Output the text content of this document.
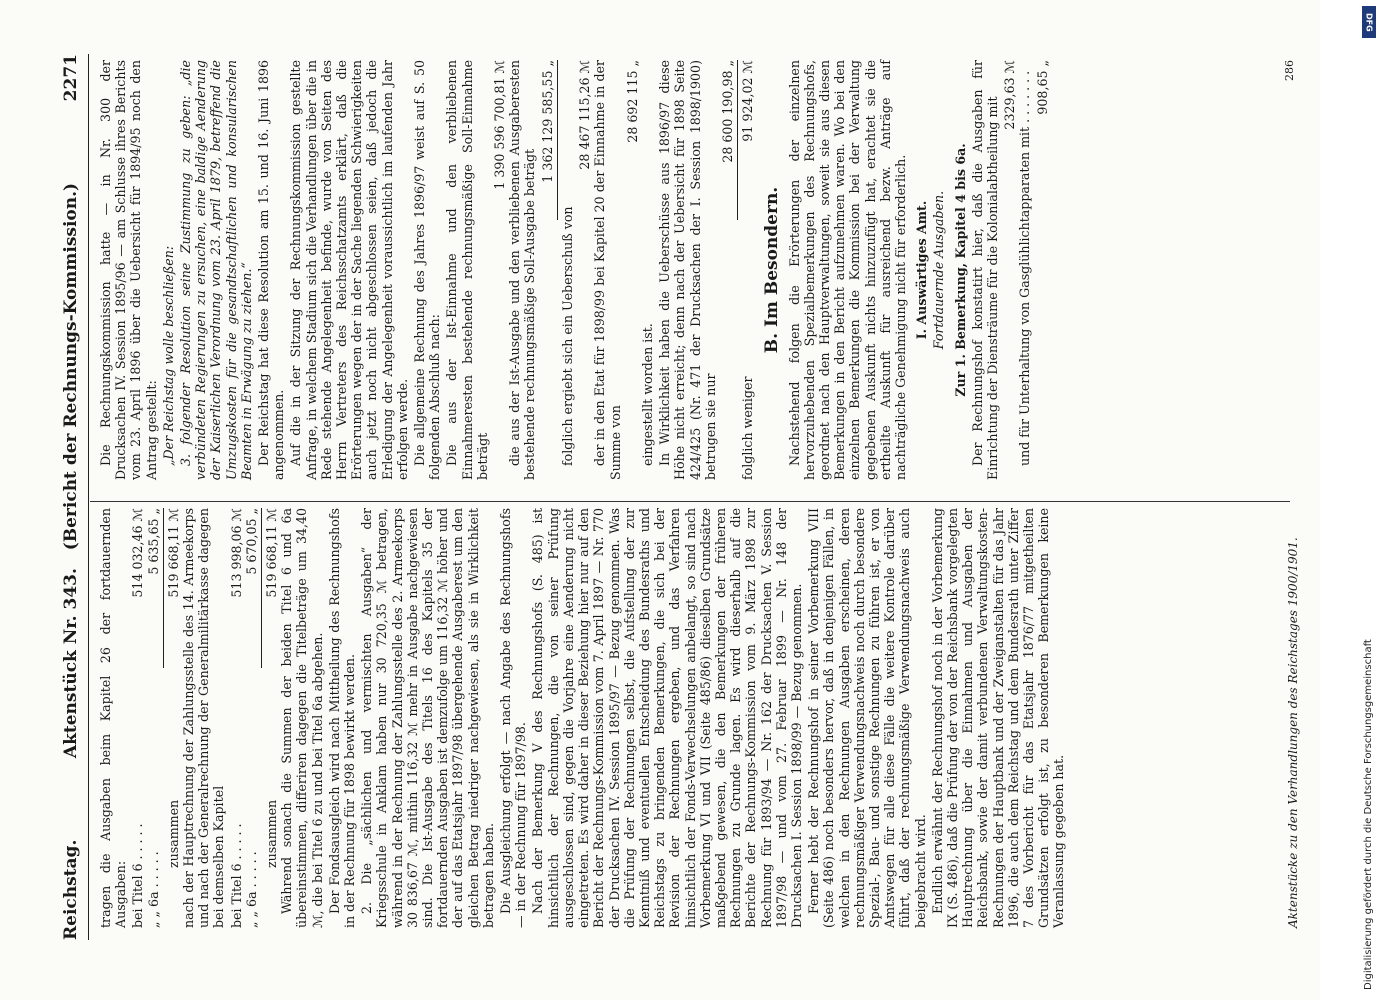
Reichstag.
Aktenstück Nr. 343.   (Bericht der Rechnungs-Kommission.)
2271

tragen die Ausgaben beim Kapitel 26 der fortdauernden Ausgaben: bei Titel 6 . . . . .
514 032,46 ℳ
„ „ 6a . . . . .
5 635,65 „
zusammen
519 668,11 ℳ nach der Hauptrechnung der Zahlungsstelle des 14. Armeekorps und nach der Generalrechnung der Generalmilitärkasse dagegen bei demselben Kapitel bei Titel 6 . . . . .
513 998,06 ℳ
„ „ 6a . . . . .
5 670,05 „
zusammen
519 668,11 ℳ Während sonach die Summen der beiden Titel 6 und 6a übereinstimmen, differiren dagegen die Titelbeträge um 34,40 ℳ, die bei Titel 6 zu und bei Titel 6a abgehen. Der Fondsausgleich wird nach Mittheilung des Rechnungshofs in der Rechnung für 1898 bewirkt werden. 2. Die „sächlichen und vermischten Ausgaben“ der Kriegsschule in Anklam haben nur 30 720,35 ℳ betragen, während in der Rechnung der Zahlungsstelle des 2. Armeekorps 30 836,67 ℳ, mithin 116,32 ℳ mehr in Ausgabe nachgewiesen sind. Die Ist-Ausgabe des Titels 16 des Kapitels 35 der fortdauernden Ausgaben ist demzufolge um 116,32 ℳ höher und der auf das Etatsjahr 1897/98 übergehende Ausgaberest um den gleichen Betrag niedriger nachgewiesen, als sie in Wirklichkeit betragen haben. Die Ausgleichung erfolgt — nach Angabe des Rechnungshofs — in der Rechnung für 1897/98. Nach der Bemerkung V des Rechnungshofs (S. 485) ist hinsichtlich der Rechnungen, die von seiner Prüfung ausgeschlossen sind, gegen die Vorjahre eine Aenderung nicht eingetreten. Es wird daher in dieser Beziehung hier nur auf den Bericht der Rechnungs-Kommission vom 7. April 1897 — Nr. 770 der Drucksachen IV. Session 1895/97 — Bezug genommen. Was die Prüfung der Rechnungen selbst, die Aufstellung der zur Kenntniß und eventuellen Entscheidung des Bundesraths und Reichstags zu bringenden Bemerkungen, die sich bei der Revision der Rechnungen ergeben, und das Verfahren hinsichtlich der Fonds-Verwechselungen anbelangt, so sind nach Vorbemerkung VI und VII (Seite 485/86) dieselben Grundsätze maßgebend gewesen, die den Bemerkungen der früheren Rechnungen zu Grunde lagen. Es wird dieserhalb auf die Berichte der Rechnungs-Kommission vom 9. März 1898 zur Rechnung für 1893/94 — Nr. 162 der Drucksachen V. Session 1897/98 — und vom 27. Februar 1899 — Nr. 148 der Drucksachen I. Session 1898/99 — Bezug genommen. Ferner hebt der Rechnungshof in seiner Vorbemerkung VIII (Seite 486) noch besonders hervor, daß in denjenigen Fällen, in welchen in den Rechnungen Ausgaben erscheinen, deren rechnungsmäßiger Verwendungsnachweis noch durch besondere Spezial-, Bau- und sonstige Rechnungen zu führen ist, er von Amtswegen für alle diese Fälle die weitere Kontrole darüber führt, daß der rechnungsmäßige Verwendungsnachweis auch beigebracht wird. Endlich erwähnt der Rechnungshof noch in der Vorbemerkung IX (S. 486), daß die Prüfung der von der Reichsbank vorgelegten Hauptrechnung über die Einnahmen und Ausgaben der Reichsbank, sowie der damit verbundenen Verwaltungskosten-Rechnungen der Hauptbank und der Zweiganstalten für das Jahr 1896, die auch dem Reichstag und dem Bundesrath unter Ziffer 7 des Vorbericht für das Etatsjahr 1876/77 mitgetheilten Grundsätzen erfolgt ist, zu besonderen Bemerkungen keine Veranlassung gegeben hat.

Die Rechnungskommission hatte — in Nr. 300 der Drucksachen IV. Session 1895/96 — am Schlusse ihres Berichts vom 23. April 1896 über die Uebersicht für 1894/95 noch den Antrag gestellt: „Der Reichstag wolle beschließen: 3. folgender Resolution seine Zustimmung zu geben: „die verbündeten Regierungen zu ersuchen, eine baldige Aenderung der Kaiserlichen Verordnung vom 23. April 1879, betreffend die Umzugskosten für die gesandtschaftlichen und konsularischen Beamten in Erwägung zu ziehen.“ Der Reichstag hat diese Resolution am 15. und 16. Juni 1896 angenommen. Auf die in der Sitzung der Rechnungskommission gestellte Anfrage, in welchem Stadium sich die Verhandlungen über die in Rede stehende Angelegenheit befinde, wurde von Seiten des Herrn Vertreters des Reichsschatzamts erklärt, daß die Erörterungen wegen der in der Sache liegenden Schwierigkeiten auch jetzt noch nicht abgeschlossen seien, daß jedoch die Erledigung der Angelegenheit voraussichtlich im laufenden Jahr erfolgen werde. Die allgemeine Rechnung des Jahres 1896/97 weist auf S. 50 folgenden Abschluß nach: Die aus der Ist-Einnahme und den verbliebenen Einnahmeresten bestehende rechnungsmäßige Soll-Einnahme beträgt

1 390 596 700,81 ℳ die aus der Ist-Ausgabe und den verbliebenen Ausgaberesten bestehende rechnungsmäßige Soll-Ausgabe beträgt

1 362 129 585,55 „

folglich ergiebt sich ein Ueberschuß von

28 467 115,26 ℳ der in den Etat für 1898/99 bei Kapitel 20 der Einnahme in der Summe von

28 692 115 „

eingestellt worden ist. In Wirklichkeit haben die Ueberschüsse aus 1896/97 diese Höhe nicht erreicht; denn nach der Uebersicht für 1898 Seite 424/425 (Nr. 471 der Drucksachen der I. Session 1898/1900) betrugen sie nur

28 600 190,98 „
folglich weniger
91 924,02 ℳ
B. Im Besondern. Nachstehend folgen die Erörterungen der einzelnen hervorzuhebenden Spezialbemerkungen des Rechnungshofs, geordnet nach den Hauptverwaltungen, soweit sie aus diesen Bemerkungen in den Bericht aufzunehmen waren. Wo bei den einzelnen Bemerkungen die Kommission bei der Verwaltung gegebenen Auskunft nichts hinzuzufügt hat, erachtet sie die ertheilte Auskunft für ausreichend bezw. Anträge auf nachträgliche Genehmigung nicht für erforderlich. I. Auswärtiges Amt. Fortdauernde Ausgaben. Zur 1. Bemerkung, Kapitel 4 bis 6a. Der Rechnungshof konstatirt hier, daß die Ausgaben für Einrichtung der Diensträume für die Kolonialabtheilung mit

2329,63 ℳ und für Unterhaltung von Gasglühlichtapparaten mit . . . . . . . 908,65 „
Aktenstücke zu den Verhandlungen des Reichstages 1900/1901.
286
Digitalisierung gefördert durch die Deutsche Forschungsgemeinschaft
DFG
